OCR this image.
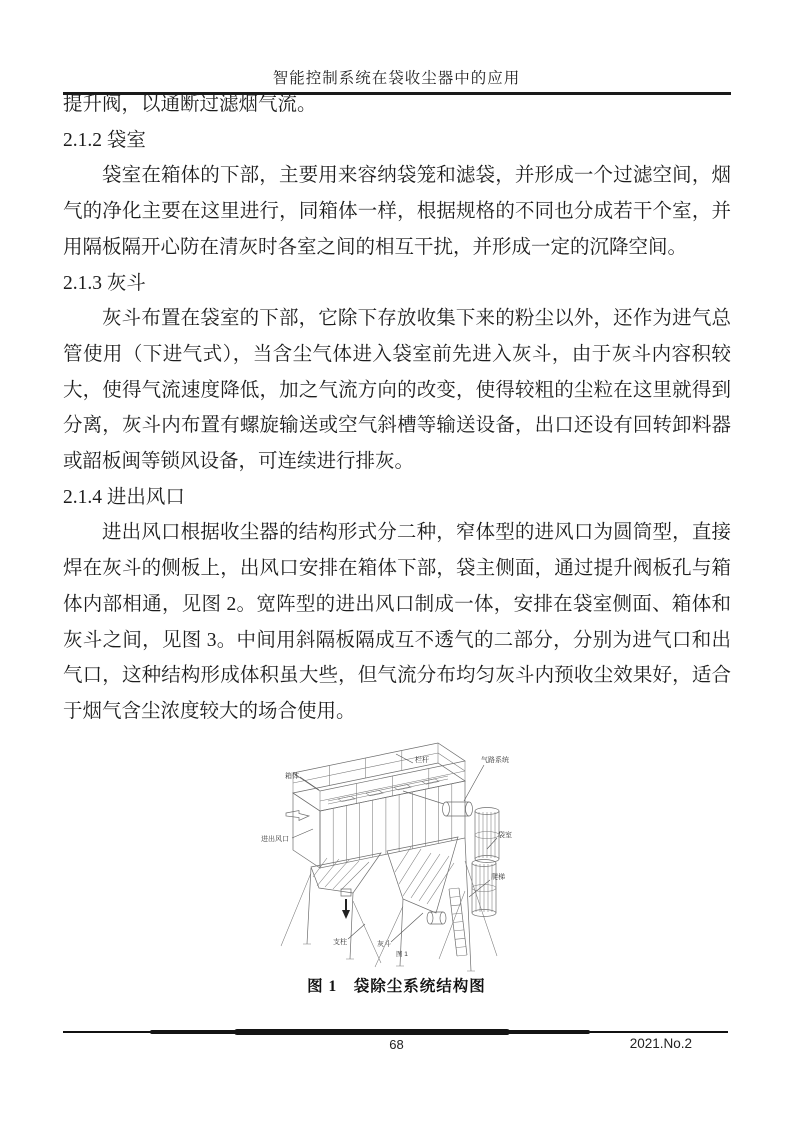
智能控制系统在袋收尘器中的应用

提升阀，以通断过滤烟气流。

2.1.2 袋室

袋室在箱体的下部，主要用来容纳袋笼和滤袋，并形成一个过滤空间，烟气的净化主要在这里进行，同箱体一样，根据规格的不同也分成若干个室，并用隔板隔开心防在清灰时各室之间的相互干扰，并形成一定的沉降空间。

2.1.3 灰斗

灰斗布置在袋室的下部，它除下存放收集下来的粉尘以外，还作为进气总管使用（下进气式），当含尘气体进入袋室前先进入灰斗，由于灰斗内容积较大，使得气流速度降低，加之气流方向的改变，使得较粗的尘粒在这里就得到分离，灰斗内布置有螺旋输送或空气斜槽等输送设备，出口还设有回转卸料器或韶板闽等锁风设备，可连续进行排灰。

2.1.4 进出风口

进出风口根据收尘器的结构形式分二种，窄体型的进风口为圆筒型，直接焊在灰斗的侧板上，出风口安排在箱体下部，袋主侧面，通过提升阀板孔与箱体内部相通，见图 2。宽阵型的进出风口制成一体，安排在袋室侧面、箱体和灰斗之间，见图 3。中间用斜隔板隔成互不透气的二部分，分别为进气口和出气口，这种结构形成体积虽大些，但气流分布均匀灰斗内预收尘效果好，适合于烟气含尘浓度较大的场合使用。

箱体
栏杆	气路系统
进出风口
袋室
爬梯
支柱	灰斗
图 1
图 1　袋除尘系统结构图
68	2021.No.2
